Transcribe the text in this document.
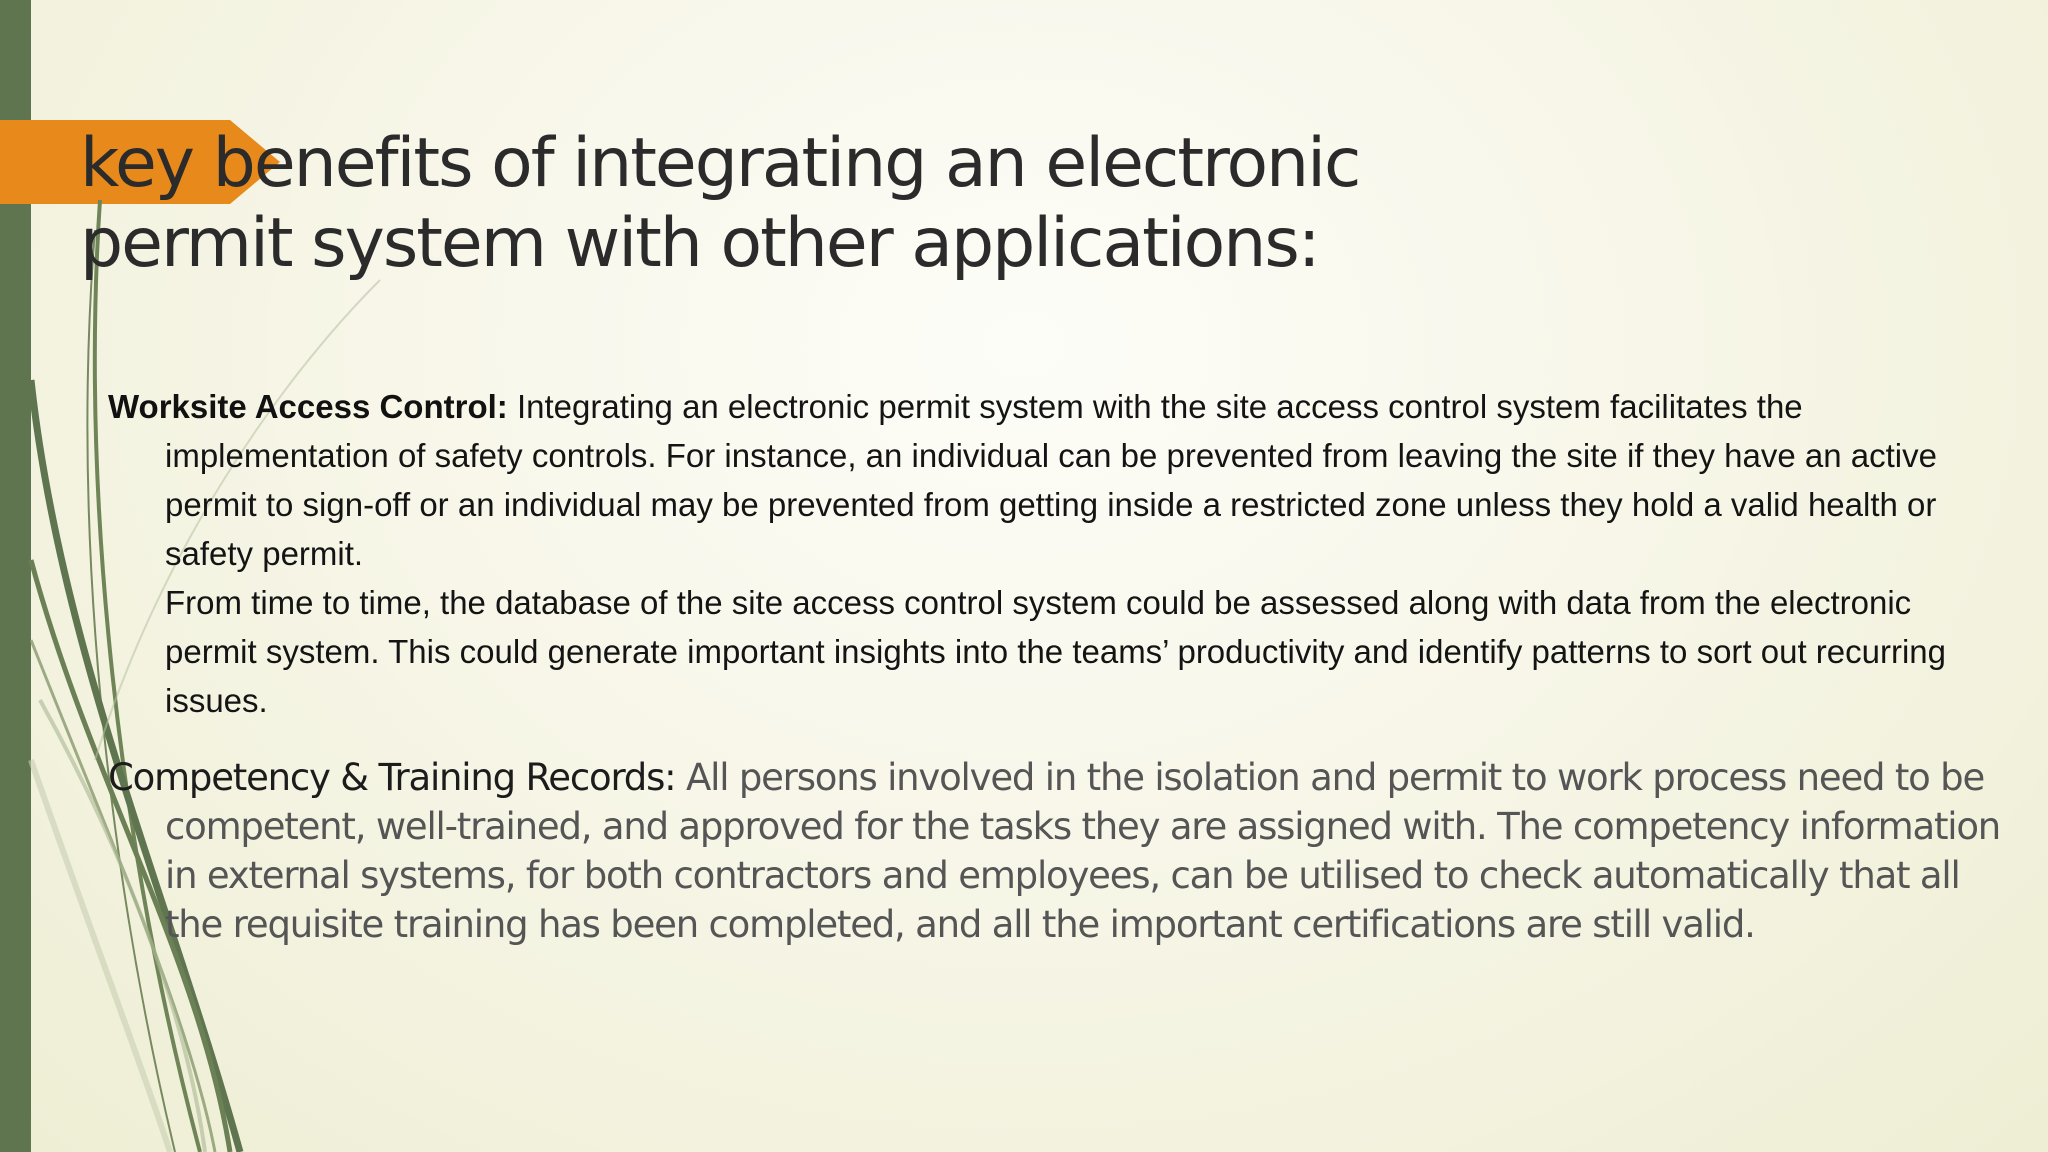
key benefits of integrating an electronic permit system with other applications:

Worksite Access Control: Integrating an electronic permit system with the site access control system facilitates the implementation of safety controls. For instance, an individual can be prevented from leaving the site if they have an active permit to sign-off or an individual may be prevented from getting inside a restricted zone unless they hold a valid health or safety permit.
From time to time, the database of the site access control system could be assessed along with data from the electronic permit system. This could generate important insights into the teams’ productivity and identify patterns to sort out recurring issues.

Competency & Training Records: All persons involved in the isolation and permit to work process need to be competent, well-trained, and approved for the tasks they are assigned with. The competency information in external systems, for both contractors and employees, can be utilised to check automatically that all the requisite training has been completed, and all the important certifications are still valid.
